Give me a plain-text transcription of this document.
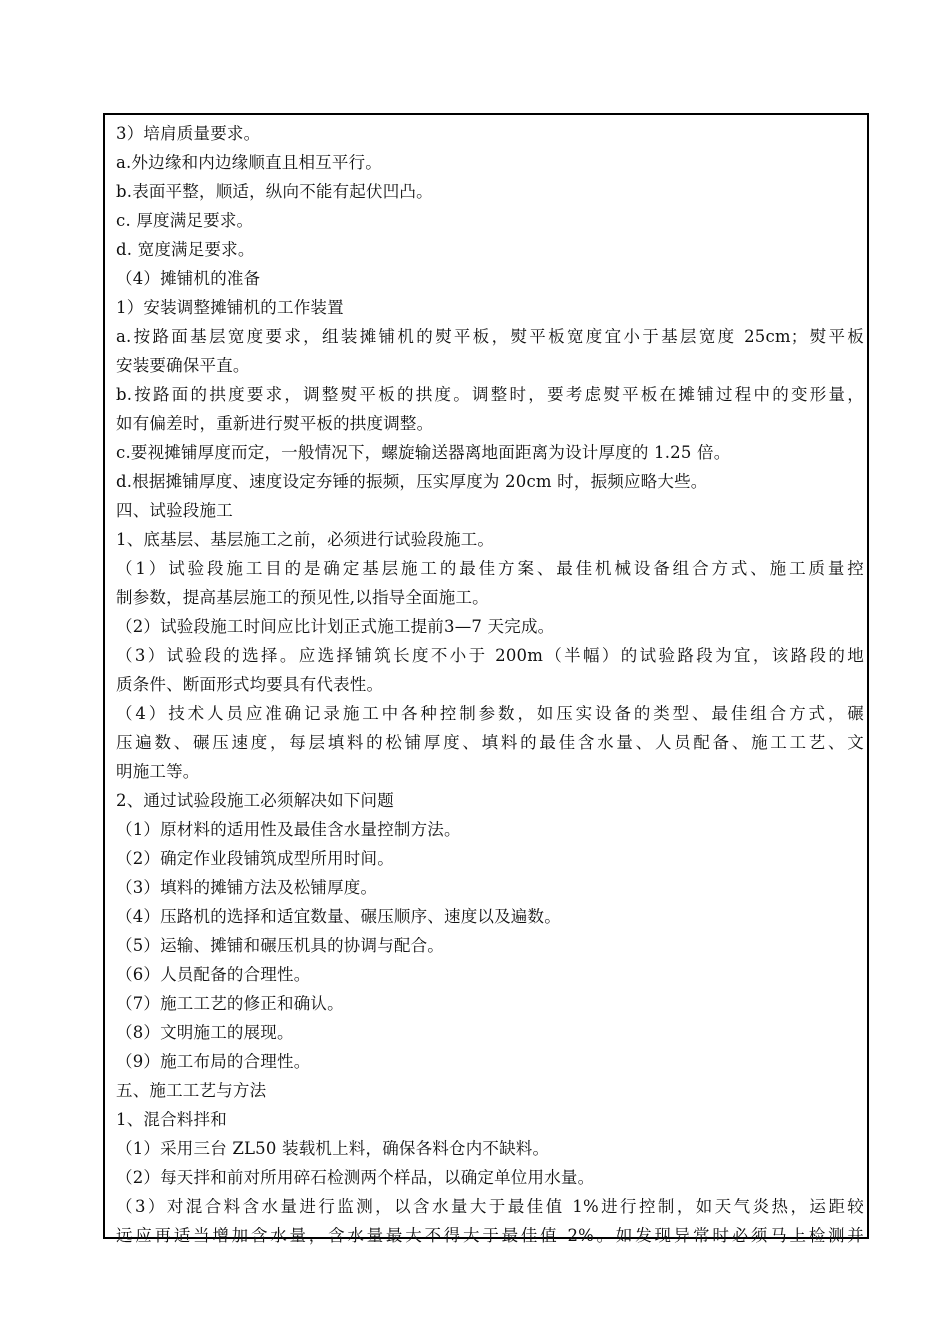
3）培肩质量要求。
a.外边缘和内边缘顺直且相互平行。
b.表面平整，顺适，纵向不能有起伏凹凸。
c. 厚度满足要求。
d. 宽度满足要求。
（4）摊铺机的准备
1）安装调整摊铺机的工作装置
a.按路面基层宽度要求，组装摊铺机的熨平板，熨平板宽度宜小于基层宽度 25cm；熨平板
安装要确保平直。
b.按路面的拱度要求，调整熨平板的拱度。调整时，要考虑熨平板在摊铺过程中的变形量，
如有偏差时，重新进行熨平板的拱度调整。
c.要视摊铺厚度而定，一般情况下，螺旋输送器离地面距离为设计厚度的 1.25 倍。
d.根据摊铺厚度、速度设定夯锤的振频，压实厚度为 20cm 时，振频应略大些。
四、试验段施工
1、底基层、基层施工之前，必须进行试验段施工。
（1）试验段施工目的是确定基层施工的最佳方案、最佳机械设备组合方式、施工质量控
制参数，提高基层施工的预见性,以指导全面施工。
（2）试验段施工时间应比计划正式施工提前3—7 天完成。
（3）试验段的选择。应选择铺筑长度不小于 200m（半幅）的试验路段为宜，该路段的地
质条件、断面形式均要具有代表性。
（4）技术人员应准确记录施工中各种控制参数，如压实设备的类型、最佳组合方式，碾
压遍数、碾压速度，每层填料的松铺厚度、填料的最佳含水量、人员配备、施工工艺、文
明施工等。
2、通过试验段施工必须解决如下问题
（1）原材料的适用性及最佳含水量控制方法。
（2）确定作业段铺筑成型所用时间。
（3）填料的摊铺方法及松铺厚度。
（4）压路机的选择和适宜数量、碾压顺序、速度以及遍数。
（5）运输、摊铺和碾压机具的协调与配合。
（6）人员配备的合理性。
（7）施工工艺的修正和确认。
（8）文明施工的展现。
（9）施工布局的合理性。
五、施工工艺与方法
1、混合料拌和
（1）采用三台 ZL50 装载机上料，确保各料仓内不缺料。
（2）每天拌和前对所用碎石检测两个样品，以确定单位用水量。
（3）对混合料含水量进行监测，以含水量大于最佳值 1%进行控制，如天气炎热，运距较
远应再适当增加含水量，含水量最大不得大于最佳值 2%。如发现异常时必须马上检测并
